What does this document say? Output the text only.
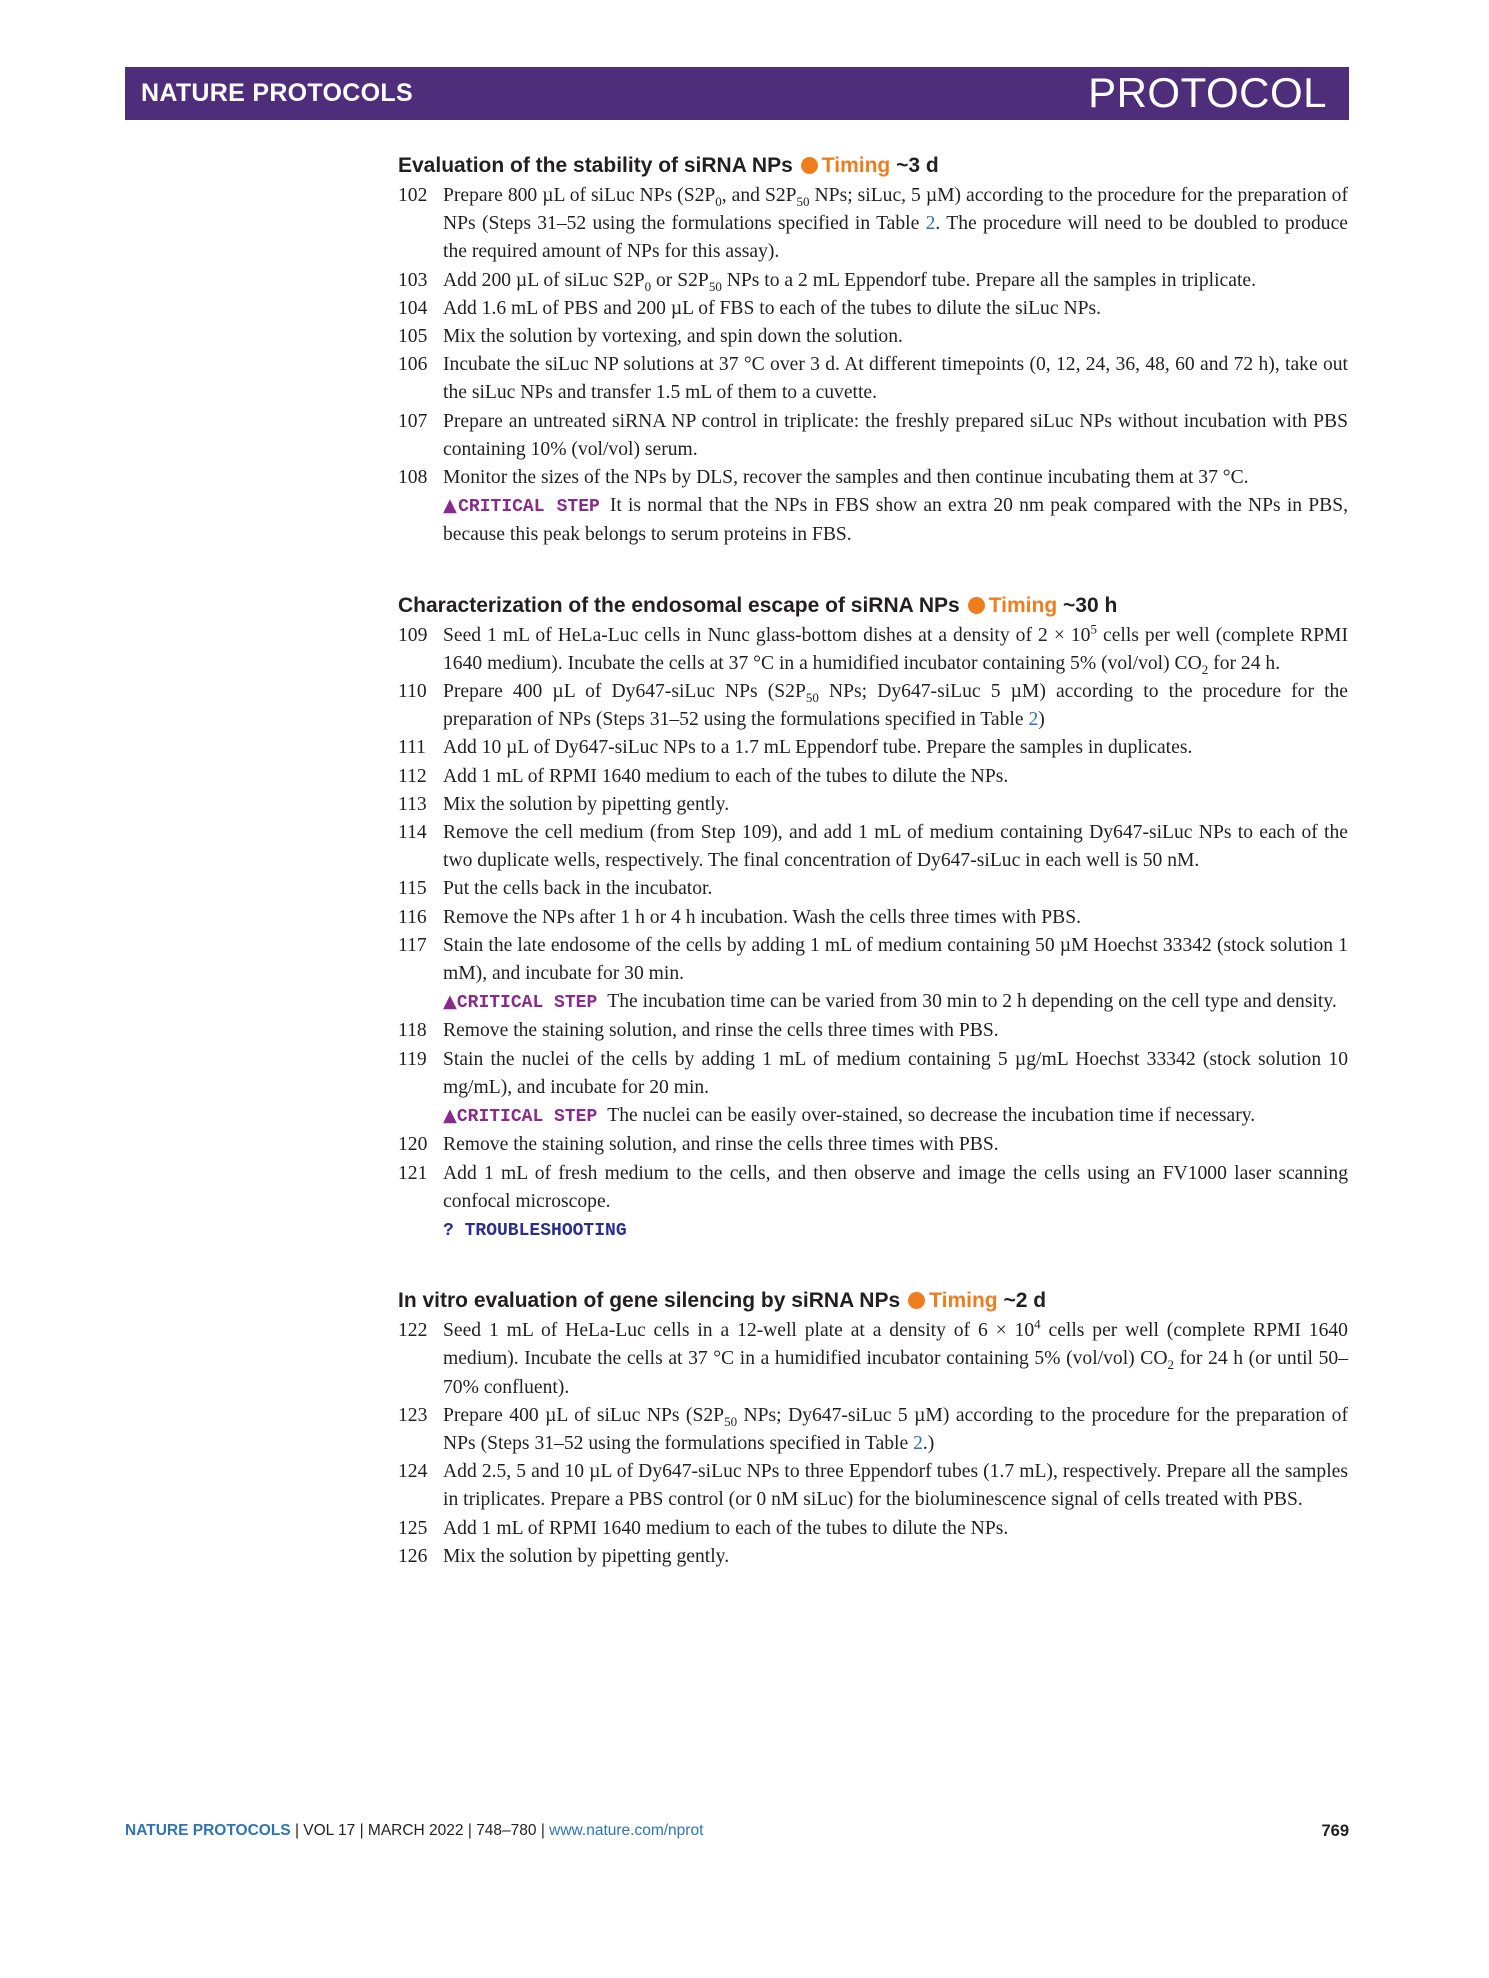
NATURE PROTOCOLS	PROTOCOL
Evaluation of the stability of siRNA NPs Timing ~3 d
102 Prepare 800 µL of siLuc NPs ($S2P_0$, and $S2P_{50}$ NPs; siLuc, 5 µM) according to the procedure for the preparation of NPs (Steps 31–52 using the formulations specified in Table 2. The procedure will need to be doubled to produce the required amount of NPs for this assay).
103 Add 200 µL of siLuc $S2P_0$ or $S2P_{50}$ NPs to a 2 mL Eppendorf tube. Prepare all the samples in triplicate.
104 Add 1.6 mL of PBS and 200 µL of FBS to each of the tubes to dilute the siLuc NPs.
105 Mix the solution by vortexing, and spin down the solution.
106 Incubate the siLuc NP solutions at 37 °C over 3 d. At different timepoints (0, 12, 24, 36, 48, 60 and 72 h), take out the siLuc NPs and transfer 1.5 mL of them to a cuvette.
107 Prepare an untreated siRNA NP control in triplicate: the freshly prepared siLuc NPs without incubation with PBS containing 10% (vol/vol) serum.
108 Monitor the sizes of the NPs by DLS, recover the samples and then continue incubating them at 37 °C.
▲CRITICAL STEP It is normal that the NPs in FBS show an extra 20 nm peak compared with the NPs in PBS, because this peak belongs to serum proteins in FBS.
Characterization of the endosomal escape of siRNA NPs Timing ~30 h
109 Seed 1 mL of HeLa-Luc cells in Nunc glass-bottom dishes at a density of $2 \times 10^5$ cells per well (complete RPMI 1640 medium). Incubate the cells at 37 °C in a humidified incubator containing 5% (vol/vol) $CO_2$ for 24 h.
110 Prepare 400 µL of Dy647-siLuc NPs ($S2P_{50}$ NPs; Dy647-siLuc 5 µM) according to the procedure for the preparation of NPs (Steps 31–52 using the formulations specified in Table 2)
111 Add 10 µL of Dy647-siLuc NPs to a 1.7 mL Eppendorf tube. Prepare the samples in duplicates.
112 Add 1 mL of RPMI 1640 medium to each of the tubes to dilute the NPs.
113 Mix the solution by pipetting gently.
114 Remove the cell medium (from Step 109), and add 1 mL of medium containing Dy647-siLuc NPs to each of the two duplicate wells, respectively. The final concentration of Dy647-siLuc in each well is 50 nM.
115 Put the cells back in the incubator.
116 Remove the NPs after 1 h or 4 h incubation. Wash the cells three times with PBS.
117 Stain the late endosome of the cells by adding 1 mL of medium containing 50 µM Hoechst 33342 (stock solution 1 mM), and incubate for 30 min.
▲CRITICAL STEP The incubation time can be varied from 30 min to 2 h depending on the cell type and density.
118 Remove the staining solution, and rinse the cells three times with PBS.
119 Stain the nuclei of the cells by adding 1 mL of medium containing 5 µg/mL Hoechst 33342 (stock solution 10 mg/mL), and incubate for 20 min.
▲CRITICAL STEP The nuclei can be easily over-stained, so decrease the incubation time if necessary.
120 Remove the staining solution, and rinse the cells three times with PBS.
121 Add 1 mL of fresh medium to the cells, and then observe and image the cells using an FV1000 laser scanning confocal microscope.
? TROUBLESHOOTING
In vitro evaluation of gene silencing by siRNA NPs Timing ~2 d
122 Seed 1 mL of HeLa-Luc cells in a 12-well plate at a density of $6 \times 10^4$ cells per well (complete RPMI 1640 medium). Incubate the cells at 37 °C in a humidified incubator containing 5% (vol/vol) $CO_2$ for 24 h (or until 50–70% confluent).
123 Prepare 400 µL of siLuc NPs ($S2P_{50}$ NPs; Dy647-siLuc 5 µM) according to the procedure for the preparation of NPs (Steps 31–52 using the formulations specified in Table 2.)
124 Add 2.5, 5 and 10 µL of Dy647-siLuc NPs to three Eppendorf tubes (1.7 mL), respectively. Prepare all the samples in triplicates. Prepare a PBS control (or 0 nM siLuc) for the bioluminescence signal of cells treated with PBS.
125 Add 1 mL of RPMI 1640 medium to each of the tubes to dilute the NPs.
126 Mix the solution by pipetting gently.
NATURE PROTOCOLS | VOL 17 | MARCH 2022 | 748–780 | www.nature.com/nprot	769
